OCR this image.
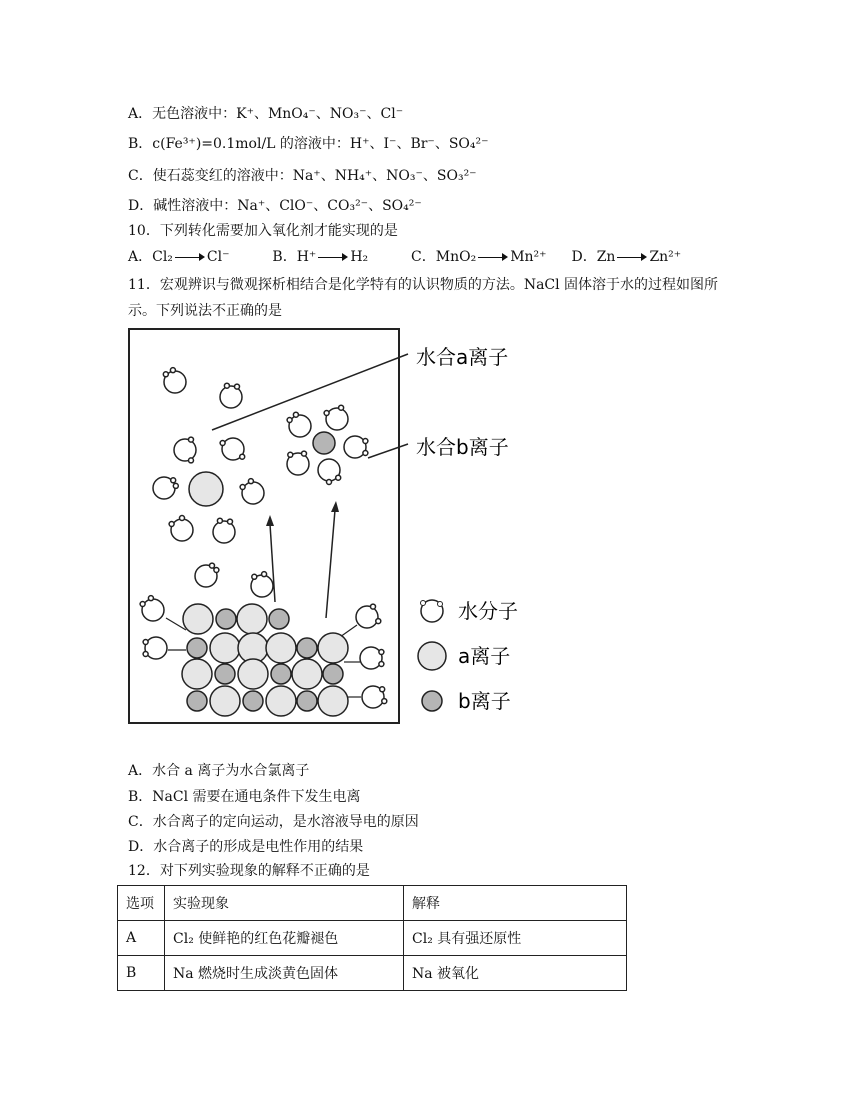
A．无色溶液中：K⁺、MnO₄⁻、NO₃⁻、Cl⁻
B．c(Fe³⁺)=0.1mol/L 的溶液中：H⁺、I⁻、Br⁻、SO₄²⁻
C．使石蕊变红的溶液中：Na⁺、NH₄⁺、NO₃⁻、SO₃²⁻
D．碱性溶液中：Na⁺、ClO⁻、CO₃²⁻、SO₄²⁻
10．下列转化需要加入氧化剂才能实现的是
A．Cl₂ Cl⁻	B．H⁺ H₂	C．MnO₂ Mn²⁺ D．Zn Zn²⁺
11．宏观辨识与微观探析相结合是化学特有的认识物质的方法。NaCl 固体溶于水的过程如图所
示。下列说法不正确的是
水合a离子
水合b离子
水分子
a离子
b离子
A．水合 a 离子为水合氯离子
B．NaCl 需要在通电条件下发生电离
C．水合离子的定向运动，是水溶液导电的原因
D．水合离子的形成是电性作用的结果
12．对下列实验现象的解释不正确的是
选项	实验现象	解释
A	Cl₂ 使鲜艳的红色花瓣褪色	Cl₂ 具有强还原性
B	Na 燃烧时生成淡黄色固体	Na 被氧化
